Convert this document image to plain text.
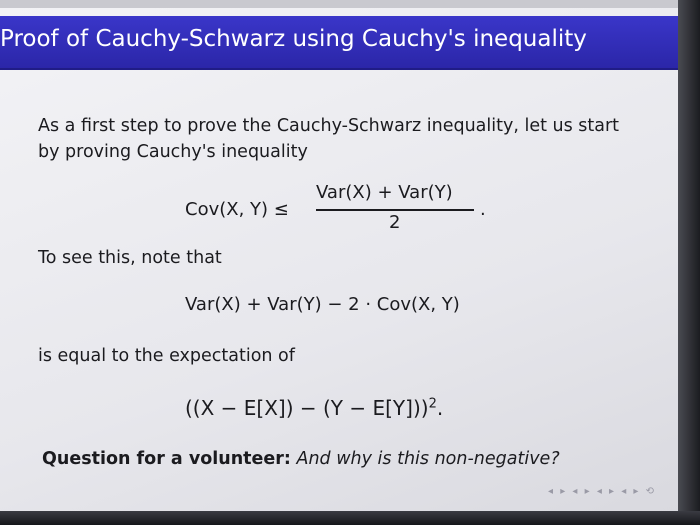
Proof of Cauchy-Schwarz using Cauchy's inequality
As a first step to prove the Cauchy-Schwarz inequality, let us start
by proving Cauchy's inequality
Cov(X, Y) ≤
Var(X) + Var(Y)
2
.
To see this, note that
Var(X) + Var(Y) − 2 · Cov(X, Y)
is equal to the expectation of
$((X - E[X]) - (Y - E[Y]))^2$.
Question for a volunteer: And why is this non-negative?
◂ ▸ ◂ ▸ ◂ ▸ ◂ ▸ ⟲
